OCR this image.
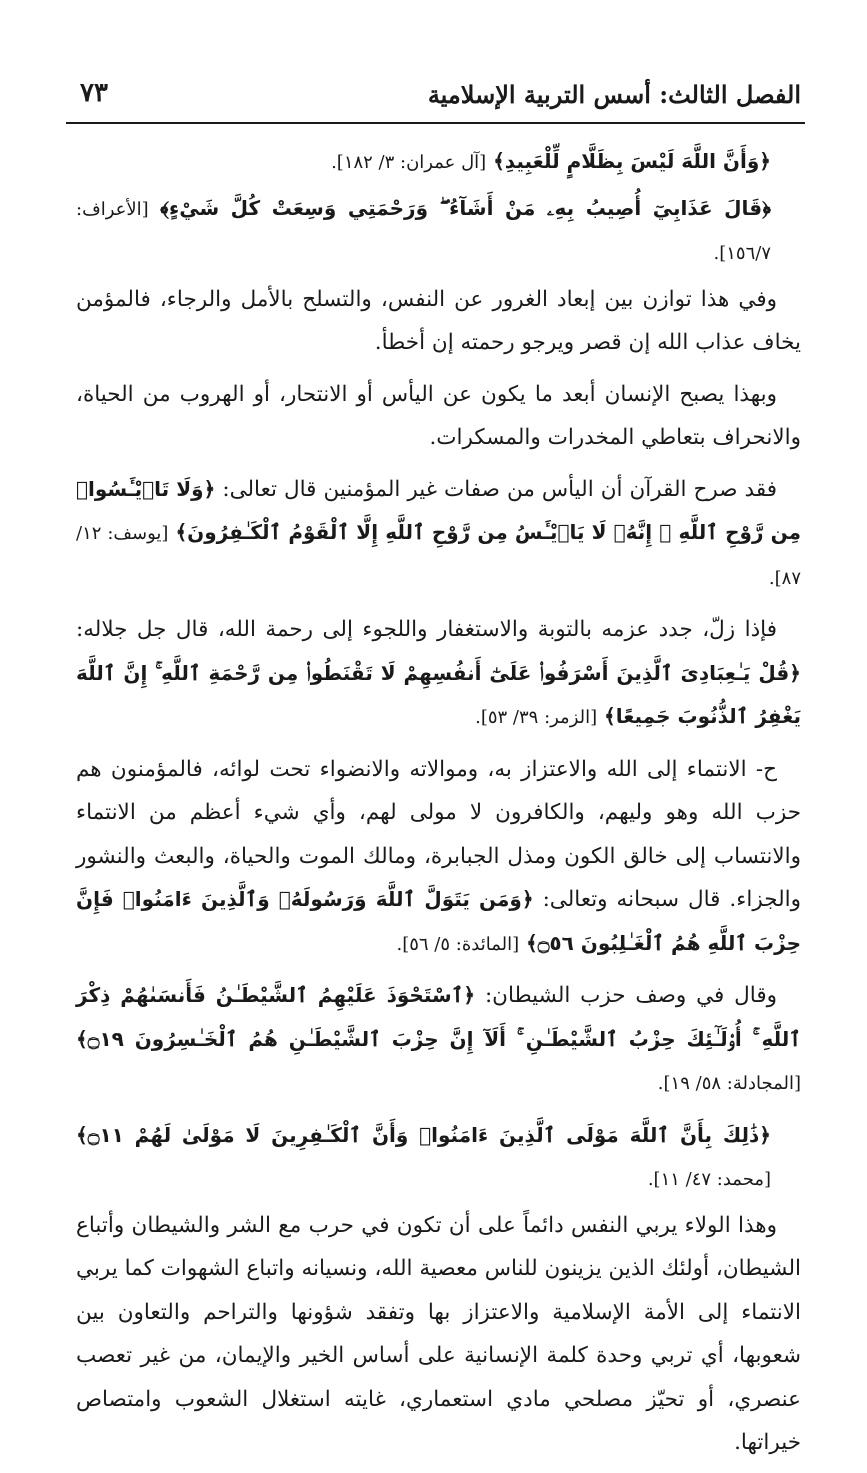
الفصل الثالث: أسس التربية الإسلامية
٧٣

﴿وَأَنَّ اللَّهَ لَيْسَ بِظَلَّامٍ لِّلْعَبِيدِ﴾ [آل عمران: ٣/ ١٨٢].

﴿قَالَ عَذَابِيٓ أُصِيبُ بِهِۦ مَنْ أَشَآءُ ۖ وَرَحْمَتِي وَسِعَتْ كُلَّ شَيْءٍ﴾ [الأعراف: ١٥٦/٧].

وفي هذا توازن بين إبعاد الغرور عن النفس، والتسلح بالأمل والرجاء، فالمؤمن يخاف عذاب الله إن قصر ويرجو رحمته إن أخطأ.

وبهذا يصبح الإنسان أبعد ما يكون عن اليأس أو الانتحار، أو الهروب من الحياة، والانحراف بتعاطي المخدرات والمسكرات.

فقد صرح القرآن أن اليأس من صفات غير المؤمنين قال تعالى: ﴿وَلَا تَا۟يْـَٔسُوا۟ مِن رَّوْحِ ٱللَّهِ ۖ إِنَّهُۥ لَا يَا۟يْـَٔسُ مِن رَّوْحِ ٱللَّهِ إِلَّا ٱلْقَوْمُ ٱلْكَـٰفِرُونَ﴾ [يوسف: ١٢/ ٨٧].

فإذا زلّ، جدد عزمه بالتوبة والاستغفار واللجوء إلى رحمة الله، قال جل جلاله: ﴿قُلْ يَـٰعِبَادِىَ ٱلَّذِينَ أَسْرَفُوا۟ عَلَىٰٓ أَنفُسِهِمْ لَا تَقْنَطُوا۟ مِن رَّحْمَةِ ٱللَّهِ ۚ إِنَّ ٱللَّهَ يَغْفِرُ ٱلذُّنُوبَ جَمِيعًا﴾ [الزمر: ٣٩/ ٥٣].

ح- الانتماء إلى الله والاعتزاز به، وموالاته والانضواء تحت لوائه، فالمؤمنون هم حزب الله وهو وليهم، والكافرون لا مولى لهم، وأي شيء أعظم من الانتماء والانتساب إلى خالق الكون ومذل الجبابرة، ومالك الموت والحياة، والبعث والنشور والجزاء. قال سبحانه وتعالى: ﴿وَمَن يَتَوَلَّ ٱللَّهَ وَرَسُولَهُۥ وَٱلَّذِينَ ءَامَنُوا۟ فَإِنَّ حِزْبَ ٱللَّهِ هُمُ ٱلْغَـٰلِبُونَ ۝٥٦﴾ [المائدة: ٥/ ٥٦].

وقال في وصف حزب الشيطان: ﴿ٱسْتَحْوَذَ عَلَيْهِمُ ٱلشَّيْطَـٰنُ فَأَنسَىٰهُمْ ذِكْرَ ٱللَّهِ ۚ أُو۟لَـٰٓئِكَ حِزْبُ ٱلشَّيْطَـٰنِ ۚ أَلَآ إِنَّ حِزْبَ ٱلشَّيْطَـٰنِ هُمُ ٱلْخَـٰسِرُونَ ۝١٩﴾ [المجادلة: ٥٨/ ١٩].

﴿ذَٰلِكَ بِأَنَّ ٱللَّهَ مَوْلَى ٱلَّذِينَ ءَامَنُوا۟ وَأَنَّ ٱلْكَـٰفِرِينَ لَا مَوْلَىٰ لَهُمْ ۝١١﴾ [محمد: ٤٧/ ١١].

وهذا الولاء يربي النفس دائماً على أن تكون في حرب مع الشر والشيطان وأتباع الشيطان، أولئك الذين يزينون للناس معصية الله، ونسيانه واتباع الشهوات كما يربي الانتماء إلى الأمة الإسلامية والاعتزاز بها وتفقد شؤونها والتراحم والتعاون بين شعوبها، أي تربي وحدة كلمة الإنسانية على أساس الخير والإيمان، من غير تعصب عنصري، أو تحيّز مصلحي مادي استعماري، غايته استغلال الشعوب وامتصاص خيراتها.
